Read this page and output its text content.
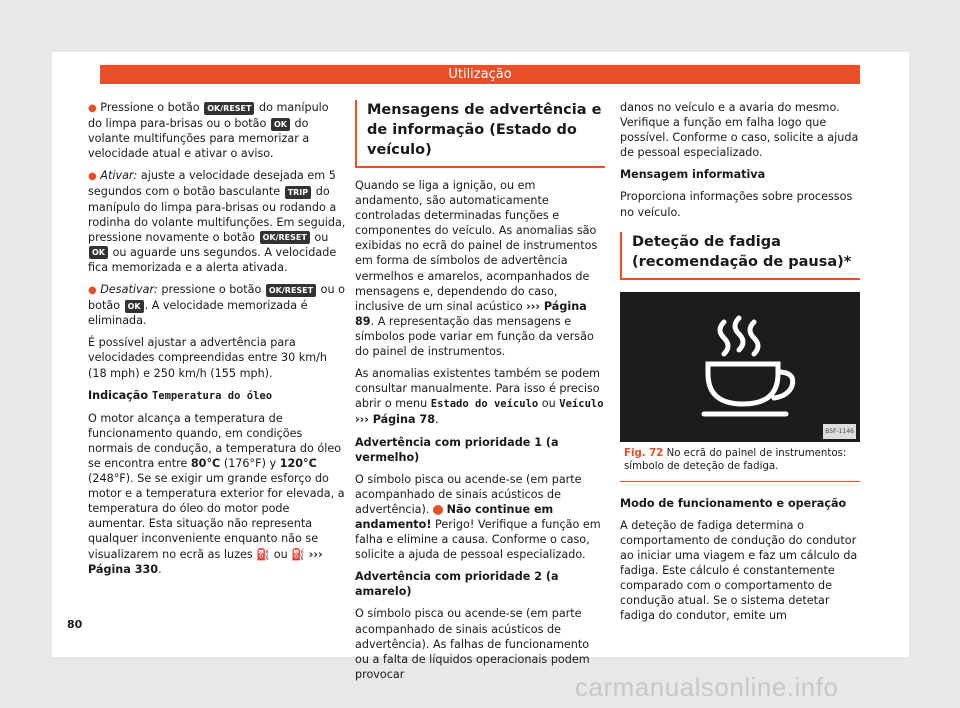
Utilização

● Pressione o botão OK/RESET do manípulo do limpa para-brisas ou o botão OK do volante multifunções para memorizar a velocidade atual e ativar o aviso.

● Ativar: ajuste a velocidade desejada em 5 segundos com o botão basculante TRIP do manípulo do limpa para-brisas ou rodando a rodinha do volante multifunções. Em seguida, pressione novamente o botão OK/RESET ou OK ou aguarde uns segundos. A velocidade fica memorizada e a alerta ativada.

● Desativar: pressione o botão OK/RESET ou o botão OK . A velocidade memorizada é eliminada.

É possível ajustar a advertência para velocidades compreendidas entre 30 km/h (18 mph) e 250 km/h (155 mph).

Indicação Temperatura do óleo

O motor alcança a temperatura de funcionamento quando, em condições normais de condução, a temperatura do óleo se encontra entre 80°C (176°F) y 120°C (248°F). Se se exigir um grande esforço do motor e a temperatura exterior for elevada, a temperatura do óleo do motor pode aumentar. Esta situação não representa qualquer inconveniente enquanto não se visualizarem no ecrã as luzes ⛽ ou ⛽ ››› Página 330.

Mensagens de advertência e de informação (Estado do veículo)

Quando se liga a ignição, ou em andamento, são automaticamente controladas determinadas funções e componentes do veículo. As anomalias são exibidas no ecrã do painel de instrumentos em forma de símbolos de advertência vermelhos e amarelos, acompanhados de mensagens e, dependendo do caso, inclusive de um sinal acústico ››› Página 89. A representação das mensagens e símbolos pode variar em função da versão do painel de instrumentos.

As anomalias existentes também se podem consultar manualmente. Para isso é preciso abrir o menu Estado do veículo ou Veículo ››› Página 78.

Advertência com prioridade 1 (a vermelho)

O símbolo pisca ou acende-se (em parte acompanhado de sinais acústicos de advertência). Não continue em andamento! Perigo! Verifique a função em falha e elimine a causa. Conforme o caso, solicite a ajuda de pessoal especializado.

Advertência com prioridade 2 (a amarelo)

O símbolo pisca ou acende-se (em parte acompanhado de sinais acústicos de advertência). As falhas de funcionamento ou a falta de líquidos operacionais podem provocar

danos no veículo e a avaria do mesmo. Verifique a função em falha logo que possível. Conforme o caso, solicite a ajuda de pessoal especializado.

Mensagem informativa

Proporciona informações sobre processos no veículo.

Deteção de fadiga (recomendação de pausa)*
B5F-1146
Fig. 72 No ecrã do painel de instrumentos: símbolo de deteção de fadiga.

Modo de funcionamento e operação

A deteção de fadiga determina o comportamento de condução do condutor ao iniciar uma viagem e faz um cálculo da fadiga. Este cálculo é constantemente comparado com o comportamento de condução atual. Se o sistema detetar fadiga do condutor, emite um

80
carmanualsonline.info
